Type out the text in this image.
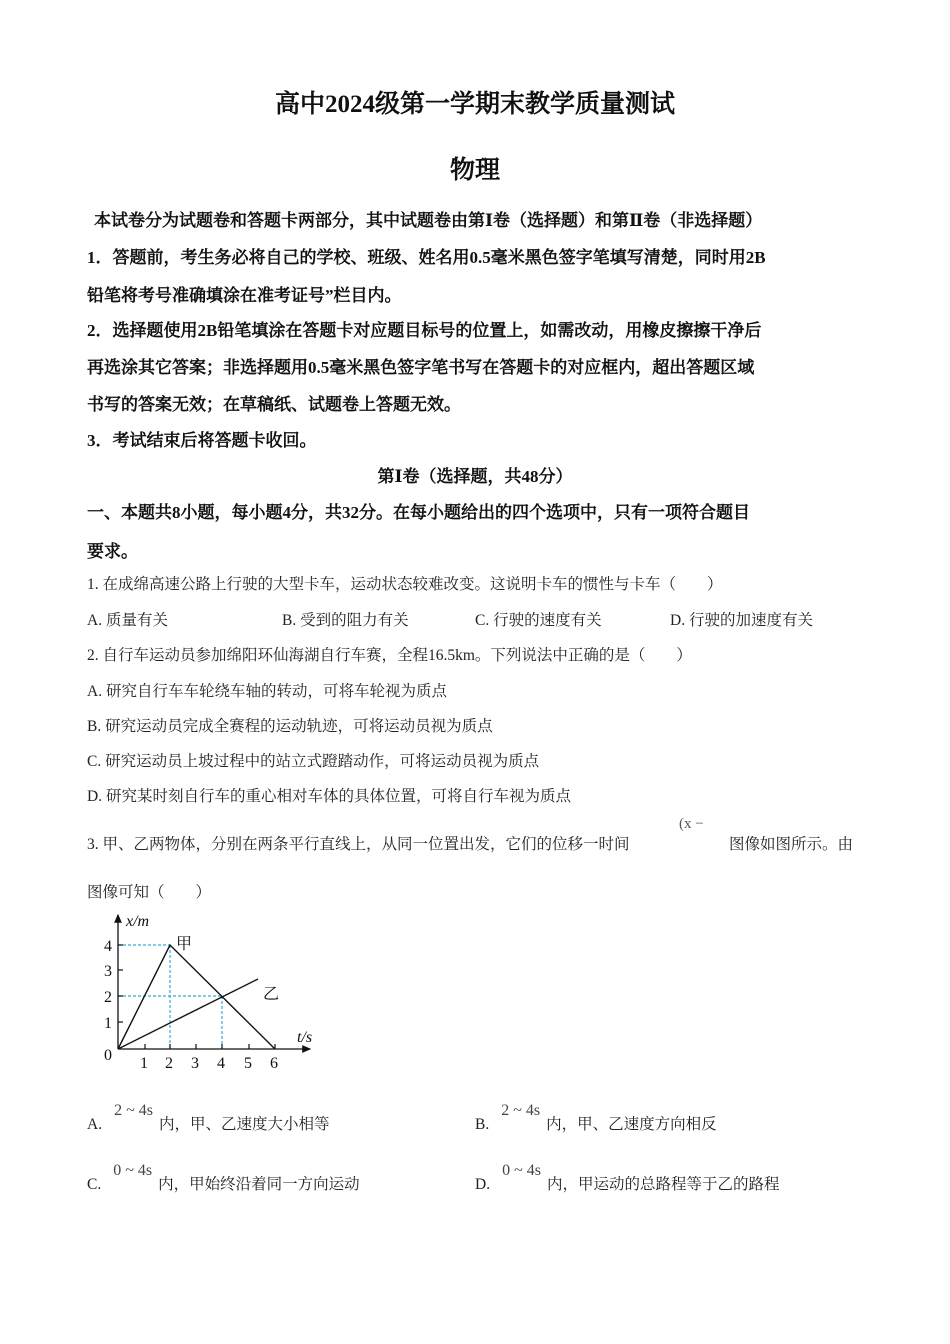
高中2024级第一学期末教学质量测试
物理
本试卷分为试题卷和答题卡两部分，其中试题卷由第Ⅰ卷（选择题）和第Ⅱ卷（非选择题）
1．答题前，考生务必将自己的学校、班级、姓名用0.5毫米黑色签字笔填写清楚，同时用2B
铅笔将考号准确填涂在准考证号”栏目内。
2．选择题使用2B铅笔填涂在答题卡对应题目标号的位置上，如需改动，用橡皮擦擦干净后
再选涂其它答案；非选择题用0.5毫米黑色签字笔书写在答题卡的对应框内，超出答题区域
书写的答案无效；在草稿纸、试题卷上答题无效。
3．考试结束后将答题卡收回。
第Ⅰ卷（选择题，共48分）
一、本题共8小题，每小题4分，共32分。在每小题给出的四个选项中，只有一项符合题目
要求。
1. 在成绵高速公路上行驶的大型卡车，运动状态较难改变。这说明卡车的惯性与卡车（　　）
A. 质量有关	B. 受到的阻力有关	C. 行驶的速度有关	D. 行驶的加速度有关
2. 自行车运动员参加绵阳环仙海湖自行车赛，全程16.5km。下列说法中正确的是（　　）
A. 研究自行车车轮绕车轴的转动，可将车轮视为质点
B. 研究运动员完成全赛程的运动轨迹，可将运动员视为质点
C. 研究运动员上坡过程中的站立式蹬踏动作，可将运动员视为质点
D. 研究某时刻自行车的重心相对车体的具体位置，可将自行车视为质点
3. 甲、乙两物体，分别在两条平行直线上，从同一位置出发，它们的位移一时间
(x −
图像如图所示。由
图像可知（　　）
0 1 2 3 4 5 6
1
2
3
4
x/m
t/s
甲
乙
A.2 ~ 4s内，甲、乙速度大小相等	B.2 ~ 4s内，甲、乙速度方向相反
C.0 ~ 4s内，甲始终沿着同一方向运动	D.0 ~ 4s内，甲运动的总路程等于乙的路程
